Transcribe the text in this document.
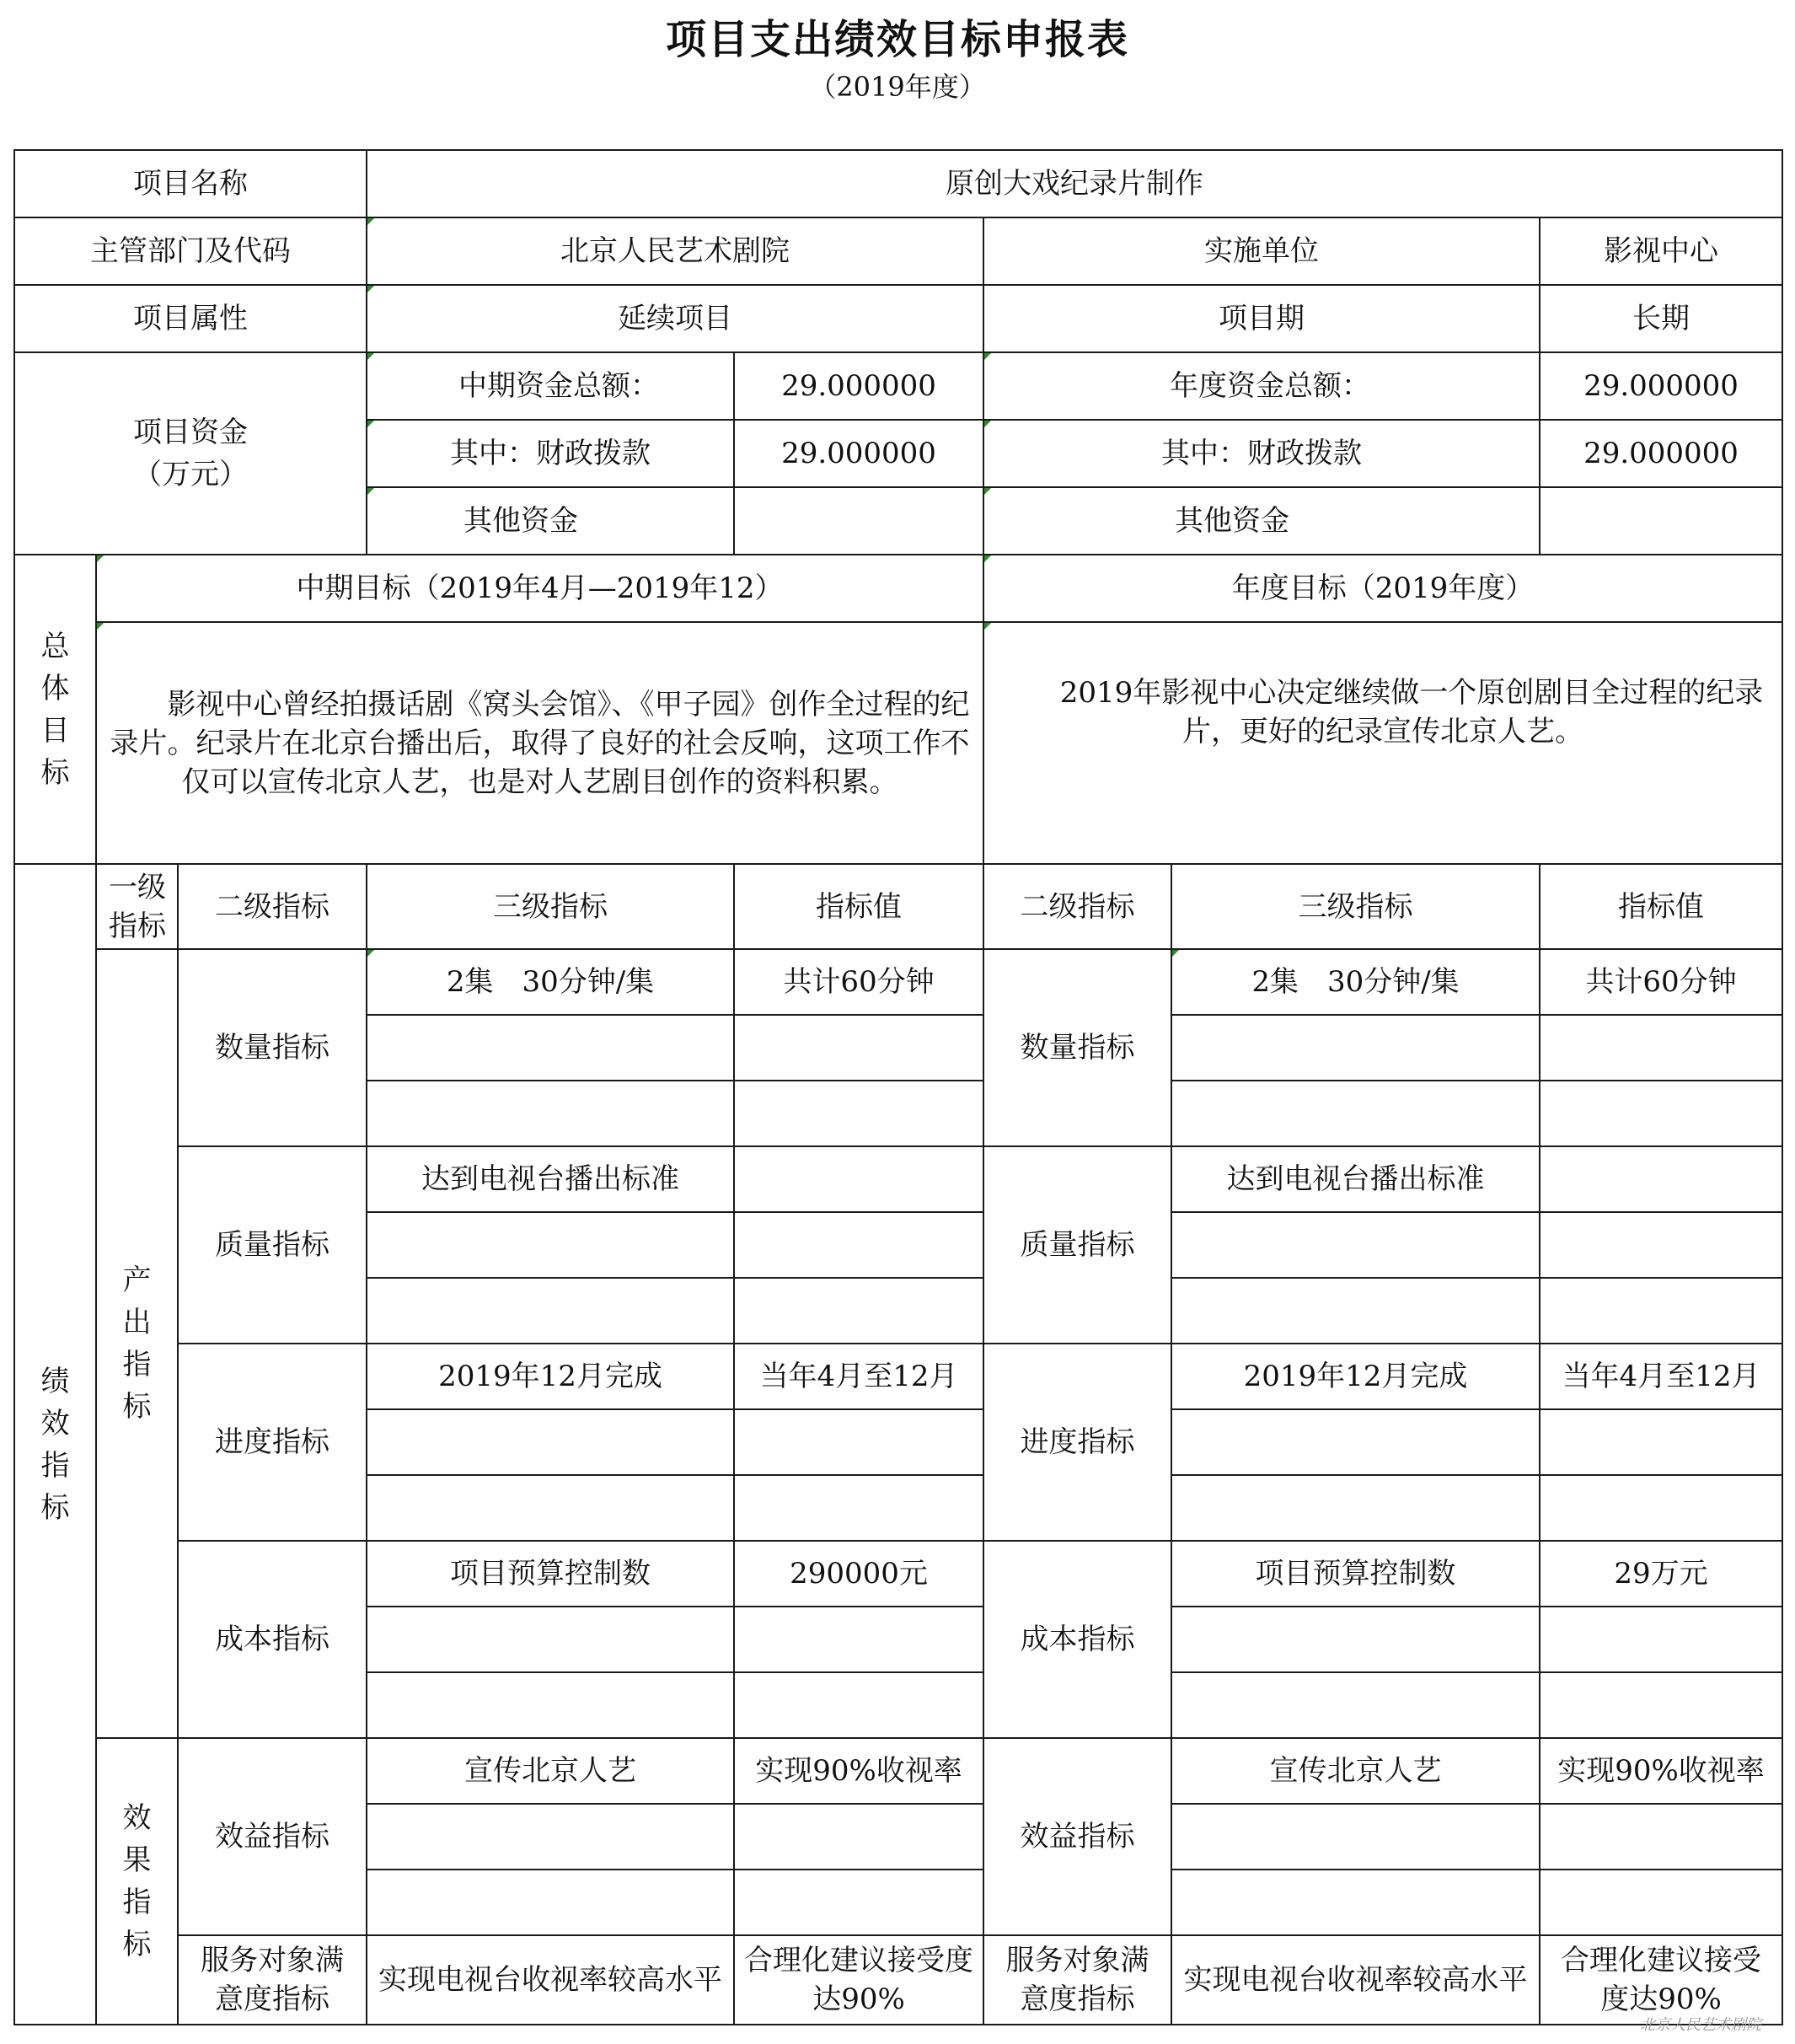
项目支出绩效目标申报表
（2019年度）
项目名称			原创大戏纪录片制作				
主管部门及代码			北京人民艺术剧院		实施单位		影视中心
项目属性			延续项目		项目期		长期
项目资金（万元）			中期资金总额：	29.000000	年度资金总额：		29.000000
			其中：财政拨款	29.000000	其中：财政拨款		29.000000
			其他资金		其他资金		
总体目标	中期目标（2019年4月—2019年12）				年度目标（2019年度）		
	　　影视中心曾经拍摄话剧《窝头会馆》、《甲子园》创作全过程的纪录片。纪录片在北京台播出后，取得了良好的社会反响，这项工作不仅可以宣传北京人艺，也是对人艺剧目创作的资料积累。				　　2019年影视中心决定继续做一个原创剧目全过程的纪录片，更好的纪录宣传北京人艺。		
绩效指标	一级指标	二级指标	三级指标	指标值	二级指标	三级指标	指标值
	产出指标	数量指标	2集　30分钟/集	共计60分钟	数量指标	2集　30分钟/集	共计60分钟

		质量指标	达到电视台播出标准		质量指标	达到电视台播出标准	

		进度指标	2019年12月完成	当年4月至12月	进度指标	2019年12月完成	当年4月至12月

		成本指标	项目预算控制数	290000元	成本指标	项目预算控制数	29万元

	效果指标	效益指标	宣传北京人艺	实现90%收视率	效益指标	宣传北京人艺	实现90%收视率

		服务对象满意度指标	实现电视台收视率较高水平	合理化建议接受度达90%	服务对象满意度指标	实现电视台收视率较高水平	合理化建议接受度达90%
北京人民艺术剧院
